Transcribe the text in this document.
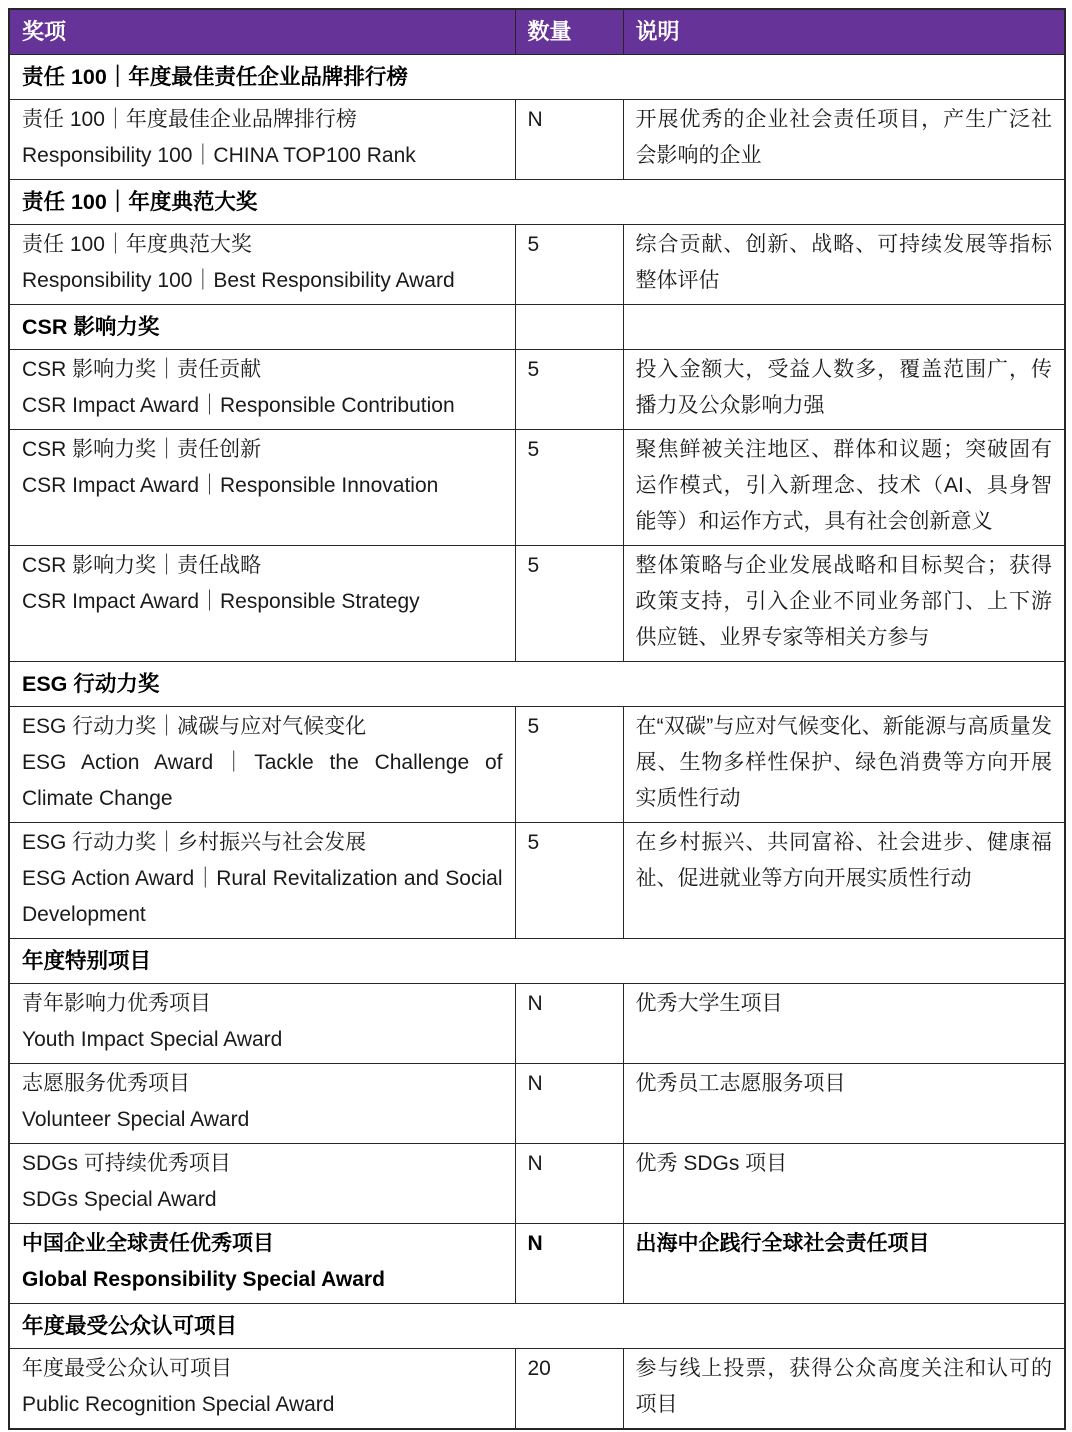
奖项	数量	说明
责任 100｜年度最佳责任企业品牌排行榜		

责任 100｜年度最佳企业品牌排行榜
Responsibility 100｜CHINA TOP100 Rank	N	开展优秀的企业社会责任项目，产生广泛社会影响的企业
责任 100｜年度典范大奖		

责任 100｜年度典范大奖
Responsibility 100｜Best Responsibility Award	5	综合贡献、创新、战略、可持续发展等指标整体评估
CSR 影响力奖		

CSR 影响力奖｜责任贡献
CSR Impact Award｜Responsible Contribution	5	投入金额大，受益人数多，覆盖范围广，传播力及公众影响力强

CSR 影响力奖｜责任创新
CSR Impact Award｜Responsible Innovation	5	聚焦鲜被关注地区、群体和议题；突破固有运作模式，引入新理念、技术（AI、具身智能等）和运作方式，具有社会创新意义

CSR 影响力奖｜责任战略
CSR Impact Award｜Responsible Strategy	5	整体策略与企业发展战略和目标契合；获得政策支持，引入企业不同业务部门、上下游供应链、业界专家等相关方参与
ESG 行动力奖		

ESG 行动力奖｜减碳与应对气候变化
ESG Action Award｜Tackle the Challenge of Climate Change	5	在“双碳”与应对气候变化、新能源与高质量发展、生物多样性保护、绿色消费等方向开展实质性行动

ESG 行动力奖｜乡村振兴与社会发展
ESG Action Award｜Rural Revitalization and Social Development	5	在乡村振兴、共同富裕、社会进步、健康福祉、促进就业等方向开展实质性行动
年度特别项目		

青年影响力优秀项目
Youth Impact Special Award	N	优秀大学生项目

志愿服务优秀项目
Volunteer Special Award	N	优秀员工志愿服务项目

SDGs 可持续优秀项目
SDGs Special Award	N	优秀 SDGs 项目

中国企业全球责任优秀项目
Global Responsibility Special Award	N	出海中企践行全球社会责任项目
年度最受公众认可项目		

年度最受公众认可项目
Public Recognition Special Award	20	参与线上投票，获得公众高度关注和认可的项目
